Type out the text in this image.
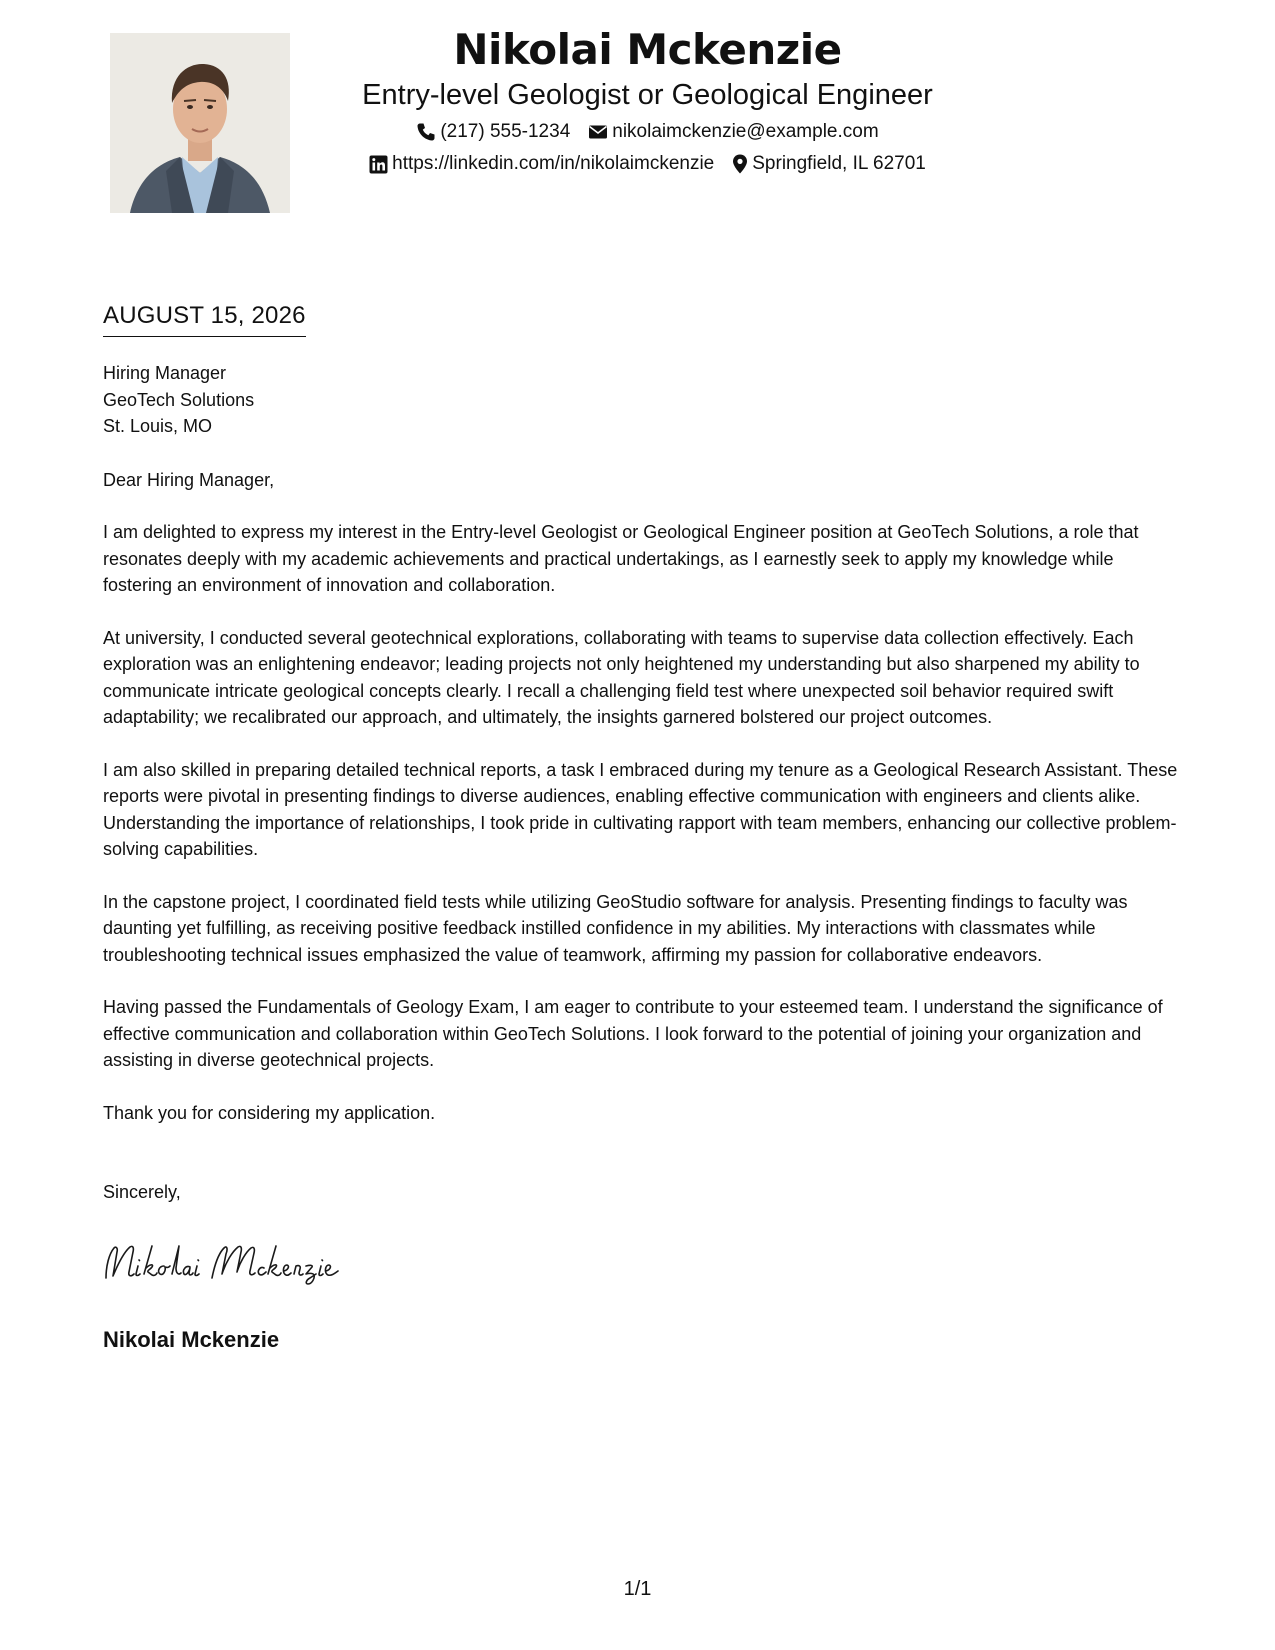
Nikolai Mckenzie
Entry-level Geologist or Geological Engineer
(217) 555-1234 nikolaimckenzie@example.com
https://linkedin.com/in/nikolaimckenzie Springfield, IL 62701
AUGUST 15, 2026
Hiring Manager
GeoTech Solutions
St. Louis, MO
Dear Hiring Manager,

I am delighted to express my interest in the Entry-level Geologist or Geological Engineer position at GeoTech Solutions, a role that resonates deeply with my academic achievements and practical undertakings, as I earnestly seek to apply my knowledge while fostering an environment of innovation and collaboration.

At university, I conducted several geotechnical explorations, collaborating with teams to supervise data collection effectively. Each exploration was an enlightening endeavor; leading projects not only heightened my understanding but also sharpened my ability to communicate intricate geological concepts clearly. I recall a challenging field test where unexpected soil behavior required swift adaptability; we recalibrated our approach, and ultimately, the insights garnered bolstered our project outcomes.

I am also skilled in preparing detailed technical reports, a task I embraced during my tenure as a Geological Research Assistant. These reports were pivotal in presenting findings to diverse audiences, enabling effective communication with engineers and clients alike. Understanding the importance of relationships, I took pride in cultivating rapport with team members, enhancing our collective problem-solving capabilities.

In the capstone project, I coordinated field tests while utilizing GeoStudio software for analysis. Presenting findings to faculty was daunting yet fulfilling, as receiving positive feedback instilled confidence in my abilities. My interactions with classmates while troubleshooting technical issues emphasized the value of teamwork, affirming my passion for collaborative endeavors.

Having passed the Fundamentals of Geology Exam, I am eager to contribute to your esteemed team. I understand the significance of effective communication and collaboration within GeoTech Solutions. I look forward to the potential of joining your organization and assisting in diverse geotechnical projects.

Thank you for considering my application.

Sincerely,
Nikolai Mckenzie
1/1
